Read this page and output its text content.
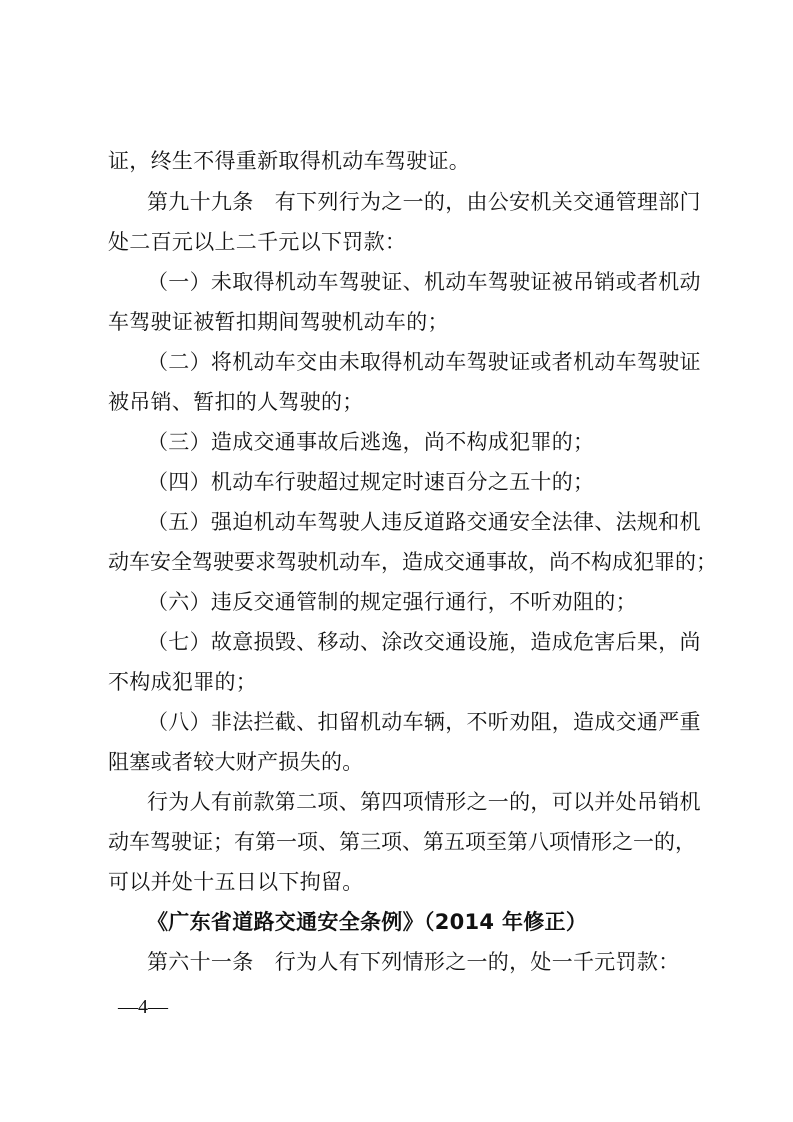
证，终生不得重新取得机动车驾驶证。
第九十九条　有下列行为之一的，由公安机关交通管理部门
处二百元以上二千元以下罚款：
（一）未取得机动车驾驶证、机动车驾驶证被吊销或者机动
车驾驶证被暂扣期间驾驶机动车的；
（二）将机动车交由未取得机动车驾驶证或者机动车驾驶证
被吊销、暂扣的人驾驶的；
（三）造成交通事故后逃逸，尚不构成犯罪的；
（四）机动车行驶超过规定时速百分之五十的；
（五）强迫机动车驾驶人违反道路交通安全法律、法规和机
动车安全驾驶要求驾驶机动车，造成交通事故，尚不构成犯罪的；
（六）违反交通管制的规定强行通行，不听劝阻的；
（七）故意损毁、移动、涂改交通设施，造成危害后果，尚
不构成犯罪的；
（八）非法拦截、扣留机动车辆，不听劝阻，造成交通严重
阻塞或者较大财产损失的。
行为人有前款第二项、第四项情形之一的，可以并处吊销机
动车驾驶证；有第一项、第三项、第五项至第八项情形之一的，
可以并处十五日以下拘留。
《广东省道路交通安全条例》（2014 年修正）
第六十一条　行为人有下列情形之一的，处一千元罚款：
—4—
